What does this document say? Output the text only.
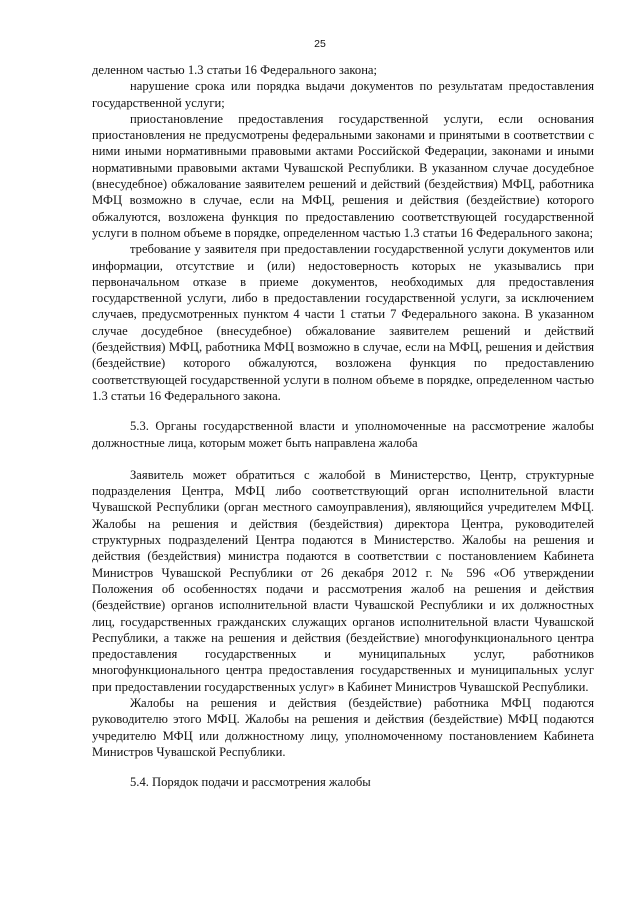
25

деленном частью 1.3 статьи 16 Федерального закона;

нарушение срока или порядка выдачи документов по результатам предоставления государственной услуги;

приостановление предоставления государственной услуги, если основания приостановления не предусмотрены федеральными законами и принятыми в соответствии с ними иными нормативными правовыми актами Российской Федерации, законами и иными нормативными правовыми актами Чувашской Республики. В указанном случае досудебное (внесудебное) обжалование заявителем решений и действий (бездействия) МФЦ, работника МФЦ возможно в случае, если на МФЦ, решения и действия (бездействие) которого обжалуются, возложена функция по предоставлению соответствующей государственной услуги в полном объеме в порядке, определенном частью 1.3 статьи 16 Федерального закона;

требование у заявителя при предоставлении государственной услуги документов или информации, отсутствие и (или) недостоверность которых не указывались при первоначальном отказе в приеме документов, необходимых для предоставления государственной услуги, либо в предоставлении государственной услуги, за исключением случаев, предусмотренных пунктом 4 части 1 статьи 7 Федерального закона. В указанном случае досудебное (внесудебное) обжалование заявителем решений и действий (бездействия) МФЦ, работника МФЦ возможно в случае, если на МФЦ, решения и действия (бездействие) которого обжалуются, возложена функция по предоставлению соответствующей государственной услуги в полном объеме в порядке, определенном частью 1.3 статьи 16 Федерального закона.

5.3. Органы государственной власти и уполномоченные на рассмотрение жалобы должностные лица, которым может быть направлена жалоба

Заявитель может обратиться с жалобой в Министерство, Центр, структурные подразделения Центра, МФЦ либо соответствующий орган исполнительной власти Чувашской Республики (орган местного самоуправления), являющийся учредителем МФЦ. Жалобы на решения и действия (бездействия) директора Центра, руководителей структурных подразделений Центра подаются в Министерство. Жалобы на решения и действия (бездействия) министра подаются в соответствии с постановлением Кабинета Министров Чувашской Республики от 26 декабря 2012 г. № 596 «Об утверждении Положения об особенностях подачи и рассмотрения жалоб на решения и действия (бездействие) органов исполнительной власти Чувашской Республики и их должностных лиц, государственных гражданских служащих органов исполнительной власти Чувашской Республики, а также на решения и действия (бездействие) многофункционального центра предоставления государственных и муниципальных услуг, работников многофункционального центра предоставления государственных и муниципальных услуг при предоставлении государственных услуг» в Кабинет Министров Чувашской Республики.

Жалобы на решения и действия (бездействие) работника МФЦ подаются руководителю этого МФЦ. Жалобы на решения и действия (бездействие) МФЦ подаются учредителю МФЦ или должностному лицу, уполномоченному постановлением Кабинета Министров Чувашской Республики.

5.4. Порядок подачи и рассмотрения жалобы
